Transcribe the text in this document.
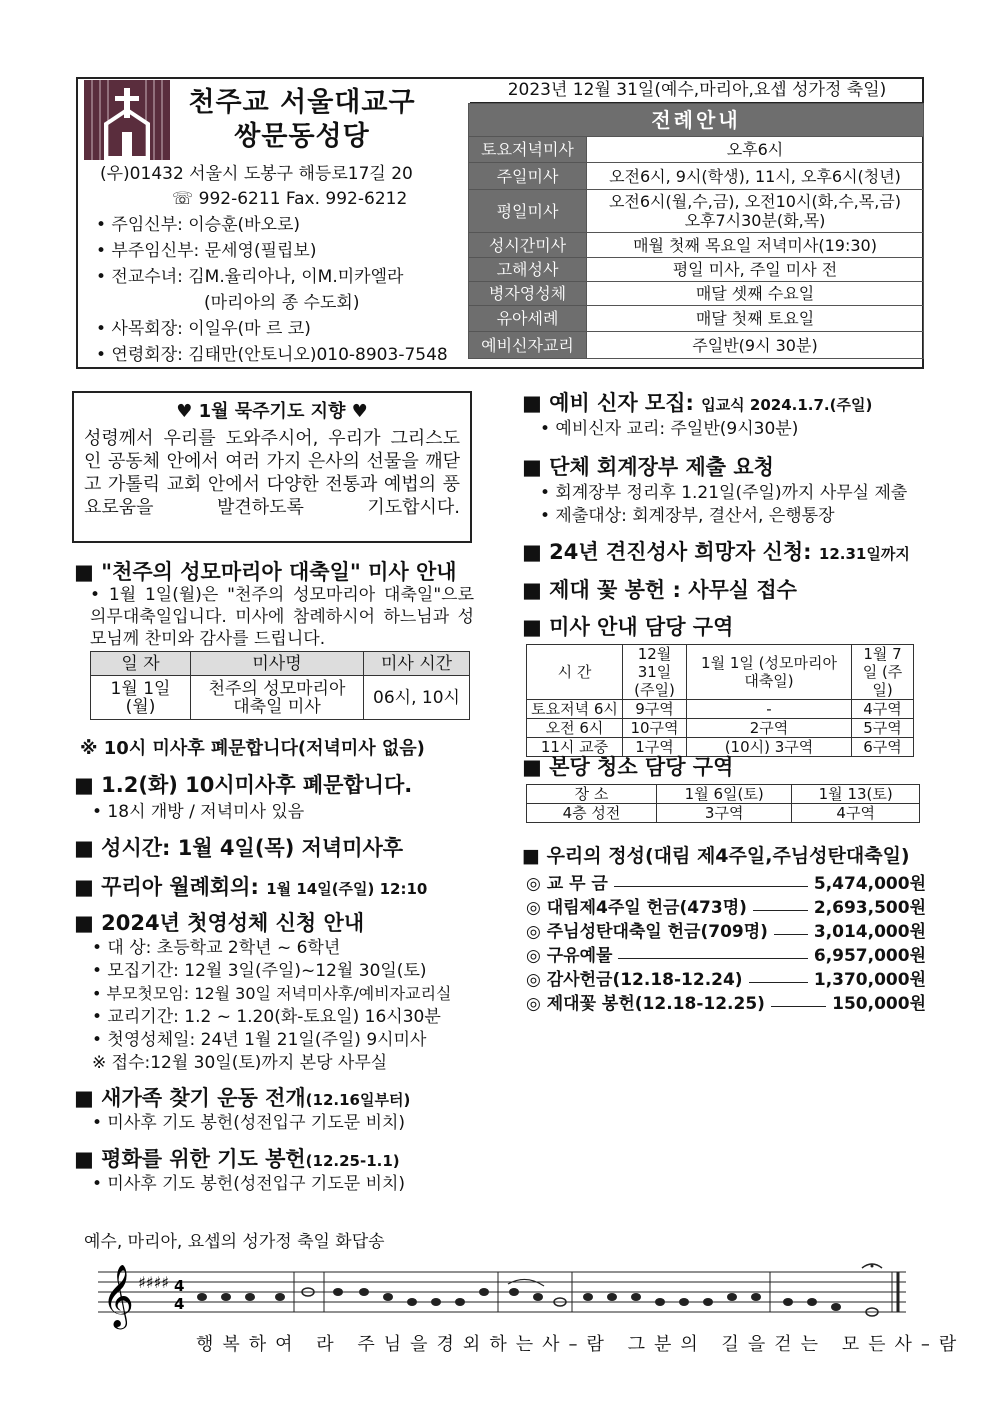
천주교 서울대교구
쌍문동성당
(우)01432 서울시 도봉구 해등로17길 20
☏ 992-6211 Fax. 992-6212
• 주임신부: 이승훈(바오로)
• 부주임신부: 문세영(필립보)
• 전교수녀: 김M.율리아나, 이M.미카엘라
(마리아의 종 수도회)
• 사목회장: 이일우(마 르 코)
• 연령회장: 김태만(안토니오)010-8903-7548
2023년 12월 31일(예수,마리아,요셉 성가정 축일)
전례안내	
토요저녁미사	오후6시
주일미사	오전6시, 9시(학생), 11시, 오후6시(청년)
평일미사	오전6시(월,수,금), 오전10시(화,수,목,금) 오후7시30분(화,목)
성시간미사	매월 첫째 목요일 저녁미사(19:30)
고해성사	평일 미사, 주일 미사 전
병자영성체	매달 셋째 수요일
유아세례	매달 첫째 토요일
예비신자교리	주일반(9시 30분)
♥ 1월 묵주기도 지향 ♥
성령께서 우리를 도와주시어, 우리가 그리스도인 공동체 안에서 여러 가지 은사의 선물을 깨닫고 가톨릭 교회 안에서 다양한 전통과 예법의 풍요로움을 발견하도록 기도합시다.
■ "천주의 성모마리아 대축일" 미사 안내
• 1월 1일(월)은 "천주의 성모마리아 대축일"으로 의무대축일입니다. 미사에 참례하시어 하느님과 성모님께 찬미와 감사를 드립니다.
일 자	미사명	미사 시간
1월 1일 (월)	천주의 성모마리아 대축일 미사	06시, 10시
※ 10시 미사후 폐문합니다(저녁미사 없음)
■ 1.2(화) 10시미사후 폐문합니다.
• 18시 개방 / 저녁미사 있음
■ 성시간: 1월 4일(목) 저녁미사후
■ 꾸리아 월례회의: 1월 14일(주일) 12:10
■ 2024년 첫영성체 신청 안내
• 대 상: 초등학교 2학년 ~ 6학년
• 모집기간: 12월 3일(주일)~12월 30일(토)
• 부모첫모임: 12월 30일 저녁미사후/예비자교리실
• 교리기간: 1.2 ~ 1.20(화-토요일) 16시30분
• 첫영성체일: 24년 1월 21일(주일) 9시미사
※ 접수:12월 30일(토)까지 본당 사무실
■ 새가족 찾기 운동 전개(12.16일부터)
• 미사후 기도 봉헌(성전입구 기도문 비치)
■ 평화를 위한 기도 봉헌(12.25-1.1)
• 미사후 기도 봉헌(성전입구 기도문 비치)
■ 예비 신자 모집: 입교식 2024.1.7.(주일)
• 예비신자 교리: 주일반(9시30분)
■ 단체 회계장부 제출 요청
• 회계장부 정리후 1.21일(주일)까지 사무실 제출
• 제출대상: 회계장부, 결산서, 은행통장
■ 24년 견진성사 희망자 신청: 12.31일까지
■ 제대 꽃 봉헌 : 사무실 접수
■ 미사 안내 담당 구역
시 간	12월31일 (주일)	1월 1일 (성모마리아 대축일)	1월 7일 (주일)
토요저녁 6시	9구역	-	4구역
오전 6시	10구역	2구역	5구역
11시 교중	1구역	(10시) 3구역	6구역
■ 본당 청소 담당 구역
장 소	1월 6일(토)	1월 13(토)
4층 성전	3구역	4구역
■ 우리의 정성(대림 제4주일,주님성탄대축일)
◎ 교 무 금	5,474,000원
◎ 대림제4주일 헌금(473명)	2,693,500원
◎ 주님성탄대축일 헌금(709명)	3,014,000원
◎ 구유예물	6,957,000원
◎ 감사헌금(12.18-12.24)	1,370,000원
◎ 제대꽃 봉헌(12.18-12.25)	150,000원
예수, 마리아, 요셉의 성가정 축일 화답송
𝄞 ♯♯♯♯ 4
4
행복하여 라 주님을경외하는사–람 그분의 길을걷는 모든사–람
